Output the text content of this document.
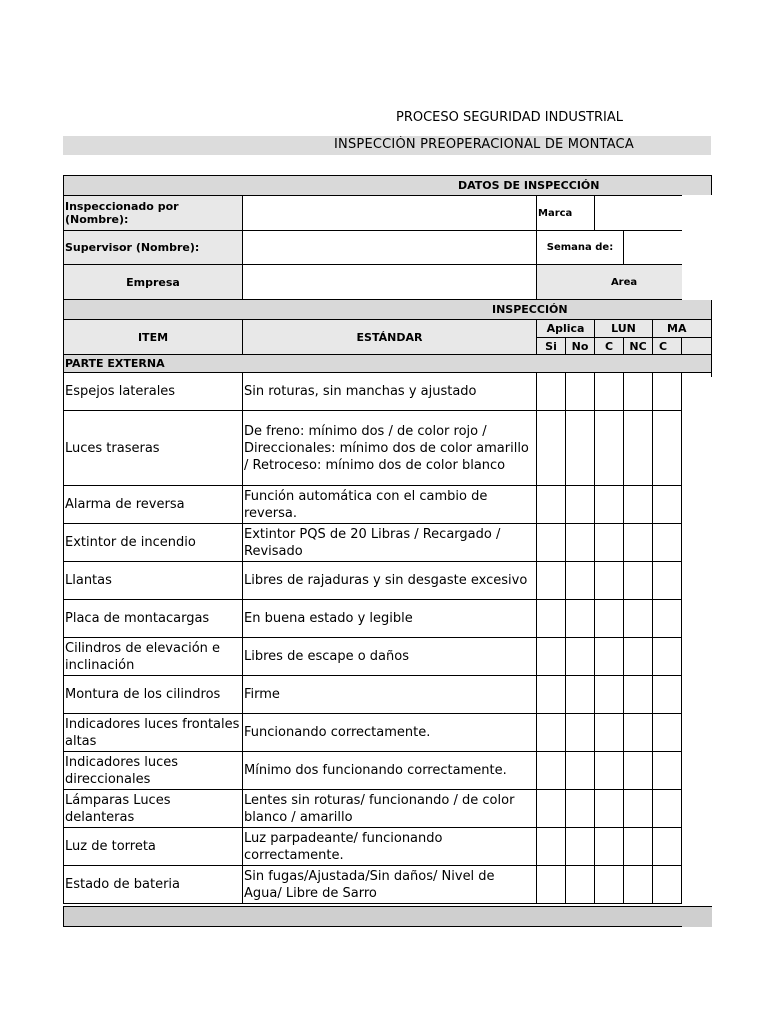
PROCESO SEGURIDAD INDUSTRIAL
INSPECCIÓN PREOPERACIONAL DE MONTACA
DATOS DE INSPECCIÓN							
Inspeccionado por (Nombre):		Marca					
Supervisor (Nombre):		Semana de:					
Empresa		Area					
INSPECCIÓN							
ITEM	ESTÁNDAR	Aplica		LUN		MA	
		Si	No	C	NC	C	
PARTE EXTERNA							
Espejos laterales	Sin roturas, sin manchas y ajustado						
Luces traseras	De freno: mínimo dos / de color rojo / Direccionales: mínimo dos de color amarillo / Retroceso: mínimo dos de color blanco						
Alarma de reversa	Función automática con el cambio de reversa.						
Extintor de incendio	Extintor PQS de 20 Libras / Recargado / Revisado						
Llantas	Libres de rajaduras y sin desgaste excesivo						
Placa de montacargas	En buena estado y legible						
Cilindros de elevación e inclinación	Libres de escape o daños						
Montura de los cilindros	Firme						
Indicadores luces frontales altas	Funcionando correctamente.						
Indicadores luces direccionales	Mínimo dos funcionando correctamente.						
Lámparas Luces delanteras	Lentes sin roturas/ funcionando / de color blanco / amarillo						
Luz de torreta	Luz parpadeante/ funcionando correctamente.						
Estado de bateria	Sin fugas/Ajustada/Sin daños/ Nivel de Agua/ Libre de Sarro						
